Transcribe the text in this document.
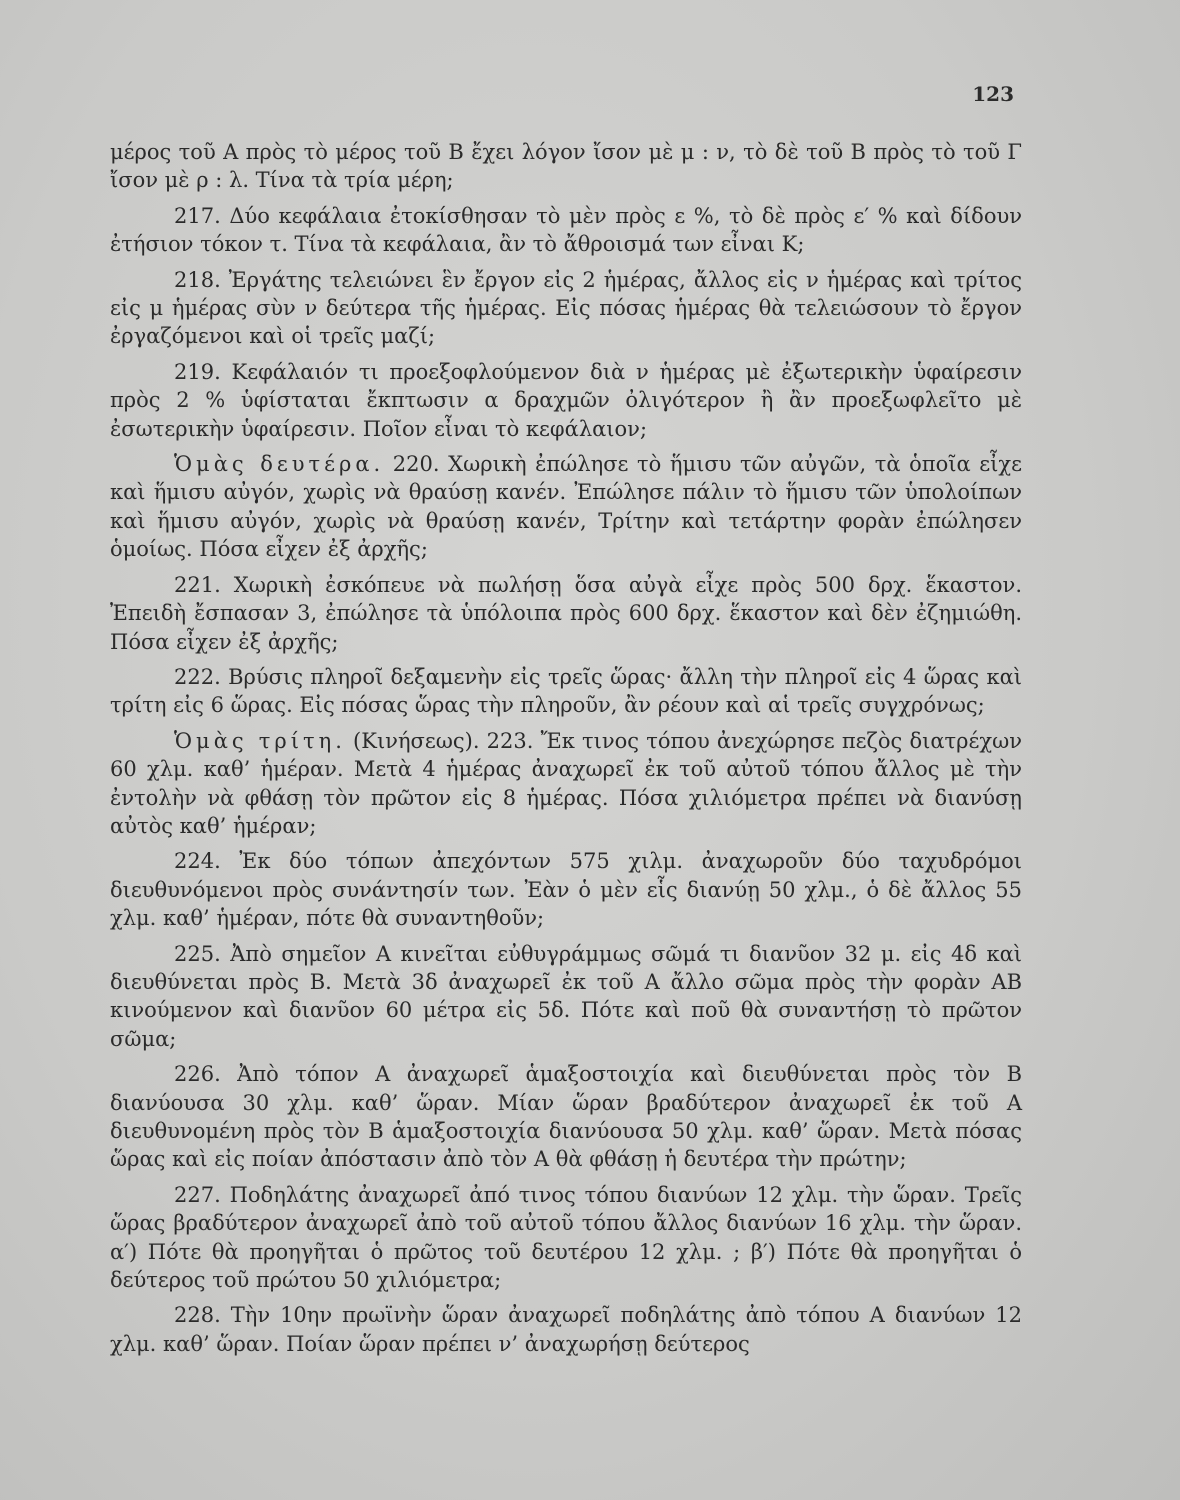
123

μέρος τοῦ Α πρὸς τὸ μέρος τοῦ Β ἔχει λόγον ἴσον μὲ μ : ν, τὸ δὲ τοῦ Β πρὸς τὸ τοῦ Γ ἴσον μὲ ρ : λ. Τίνα τὰ τρία μέρη;

217. Δύο κεφάλαια ἐτοκίσθησαν τὸ μὲν πρὸς ε %, τὸ δὲ πρὸς ε′ % καὶ δίδουν ἐτήσιον τόκον τ. Τίνα τὰ κεφάλαια, ἂν τὸ ἄθροισμά των εἶναι Κ;

218. Ἐργάτης τελειώνει ἓν ἔργον εἰς 2 ἡμέρας, ἄλλος εἰς ν ἡμέρας καὶ τρίτος εἰς μ ἡμέρας σὺν ν δεύτερα τῆς ἡμέρας. Εἰς πόσας ἡμέρας θὰ τελειώσουν τὸ ἔργον ἐργαζόμενοι καὶ οἱ τρεῖς μαζί;

219. Κεφάλαιόν τι προεξοφλούμενον διὰ ν ἡμέρας μὲ ἐξωτερικὴν ὑφαίρεσιν πρὸς 2 % ὑφίσταται ἔκπτωσιν α δραχμῶν ὀλιγότερον ἢ ἂν προεξωφλεῖτο μὲ ἐσωτερικὴν ὑφαίρεσιν. Ποῖον εἶναι τὸ κεφάλαιον;

Ὁμὰς δευτέρα. 220. Χωρικὴ ἐπώλησε τὸ ἥμισυ τῶν αὐγῶν, τὰ ὁποῖα εἶχε καὶ ἥμισυ αὐγόν, χωρὶς νὰ θραύσῃ κανέν. Ἐπώλησε πάλιν τὸ ἥμισυ τῶν ὑπολοίπων καὶ ἥμισυ αὐγόν, χωρὶς νὰ θραύσῃ κανέν, Τρίτην καὶ τετάρτην φορὰν ἐπώλησεν ὁμοίως. Πόσα εἶχεν ἐξ ἀρχῆς;

221. Χωρικὴ ἐσκόπευε νὰ πωλήσῃ ὅσα αὐγὰ εἶχε πρὸς 500 δρχ. ἕκαστον. Ἐπειδὴ ἔσπασαν 3, ἐπώλησε τὰ ὑπόλοιπα πρὸς 600 δρχ. ἕκαστον καὶ δὲν ἐζημιώθη. Πόσα εἶχεν ἐξ ἀρχῆς;

222. Βρύσις πληροῖ δεξαμενὴν εἰς τρεῖς ὥρας· ἄλλη τὴν πληροῖ εἰς 4 ὥρας καὶ τρίτη εἰς 6 ὥρας. Εἰς πόσας ὥρας τὴν πληροῦν, ἂν ρέουν καὶ αἱ τρεῖς συγχρόνως;

Ὁμὰς τρίτη. (Κινήσεως). 223. Ἔκ τινος τόπου ἀνεχώρησε πεζὸς διατρέχων 60 χλμ. καθ’ ἡμέραν. Μετὰ 4 ἡμέρας ἀναχωρεῖ ἐκ τοῦ αὐτοῦ τόπου ἄλλος μὲ τὴν ἐντολὴν νὰ φθάσῃ τὸν πρῶτον εἰς 8 ἡμέρας. Πόσα χιλιόμετρα πρέπει νὰ διανύσῃ αὐτὸς καθ’ ἡμέραν;

224. Ἐκ δύο τόπων ἀπεχόντων 575 χιλμ. ἀναχωροῦν δύο ταχυδρόμοι διευθυνόμενοι πρὸς συνάντησίν των. Ἐὰν ὁ μὲν εἷς διανύῃ 50 χλμ., ὁ δὲ ἄλλος 55 χλμ. καθ’ ἡμέραν, πότε θὰ συναντηθοῦν;

225. Ἀπὸ σημεῖον Α κινεῖται εὐθυγράμμως σῶμά τι διανῦον 32 μ. εἰς 4δ καὶ διευθύνεται πρὸς Β. Μετὰ 3δ ἀναχωρεῖ ἐκ τοῦ Α ἄλλο σῶμα πρὸς τὴν φορὰν ΑΒ κινούμενον καὶ διανῦον 60 μέτρα εἰς 5δ. Πότε καὶ ποῦ θὰ συναντήσῃ τὸ πρῶτον σῶμα;

226. Ἀπὸ τόπον Α ἀναχωρεῖ ἁμαξοστοιχία καὶ διευθύνεται πρὸς τὸν Β διανύουσα 30 χλμ. καθ’ ὥραν. Μίαν ὥραν βραδύτερον ἀναχωρεῖ ἐκ τοῦ Α διευθυνομένη πρὸς τὸν Β ἁμαξοστοιχία διανύουσα 50 χλμ. καθ’ ὥραν. Μετὰ πόσας ὥρας καὶ εἰς ποίαν ἀπόστασιν ἀπὸ τὸν Α θὰ φθάσῃ ἡ δευτέρα τὴν πρώτην;

227. Ποδηλάτης ἀναχωρεῖ ἀπό τινος τόπου διανύων 12 χλμ. τὴν ὥραν. Τρεῖς ὥρας βραδύτερον ἀναχωρεῖ ἀπὸ τοῦ αὐτοῦ τόπου ἄλλος διανύων 16 χλμ. τὴν ὥραν. α′) Πότε θὰ προηγῆται ὁ πρῶτος τοῦ δευτέρου 12 χλμ. ; β′) Πότε θὰ προηγῆται ὁ δεύτερος τοῦ πρώτου 50 χιλιόμετρα;

228. Τὴν 10ην πρωϊνὴν ὥραν ἀναχωρεῖ ποδηλάτης ἀπὸ τόπου Α διανύων 12 χλμ. καθ’ ὥραν. Ποίαν ὥραν πρέπει ν’ ἀναχωρήσῃ δεύτερος
